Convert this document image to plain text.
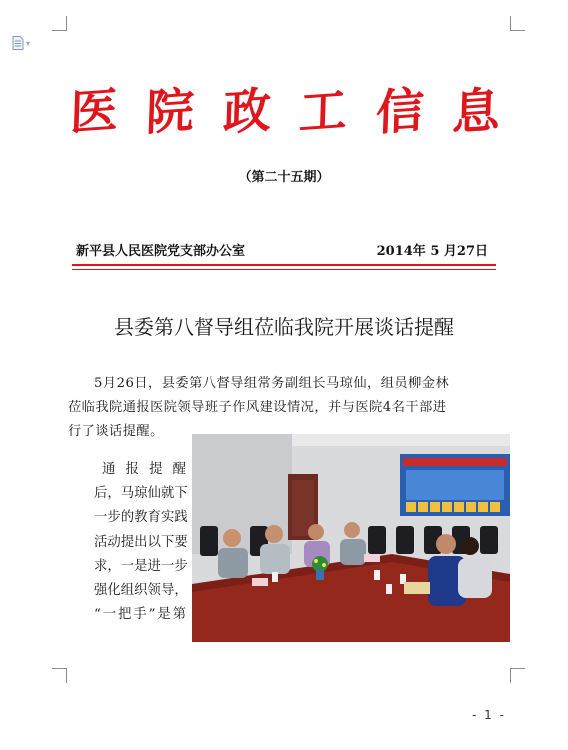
▾
医 院 政 工 信 息
（第二十五期）
新平县人民医院党支部办公室	2014年 5 月27日
县委第八督导组莅临我院开展谈话提醒
5月26日，县委第八督导组常务副组长马琼仙，组员柳金林
莅临我院通报医院领导班子作风建设情况，并与医院4名干部进
行了谈话提醒。
通报提醒
后，马琼仙就下
一步的教育实践
活动提出以下要
求，一是进一步
强化组织领导，
“一把手”是第
- 1 -
